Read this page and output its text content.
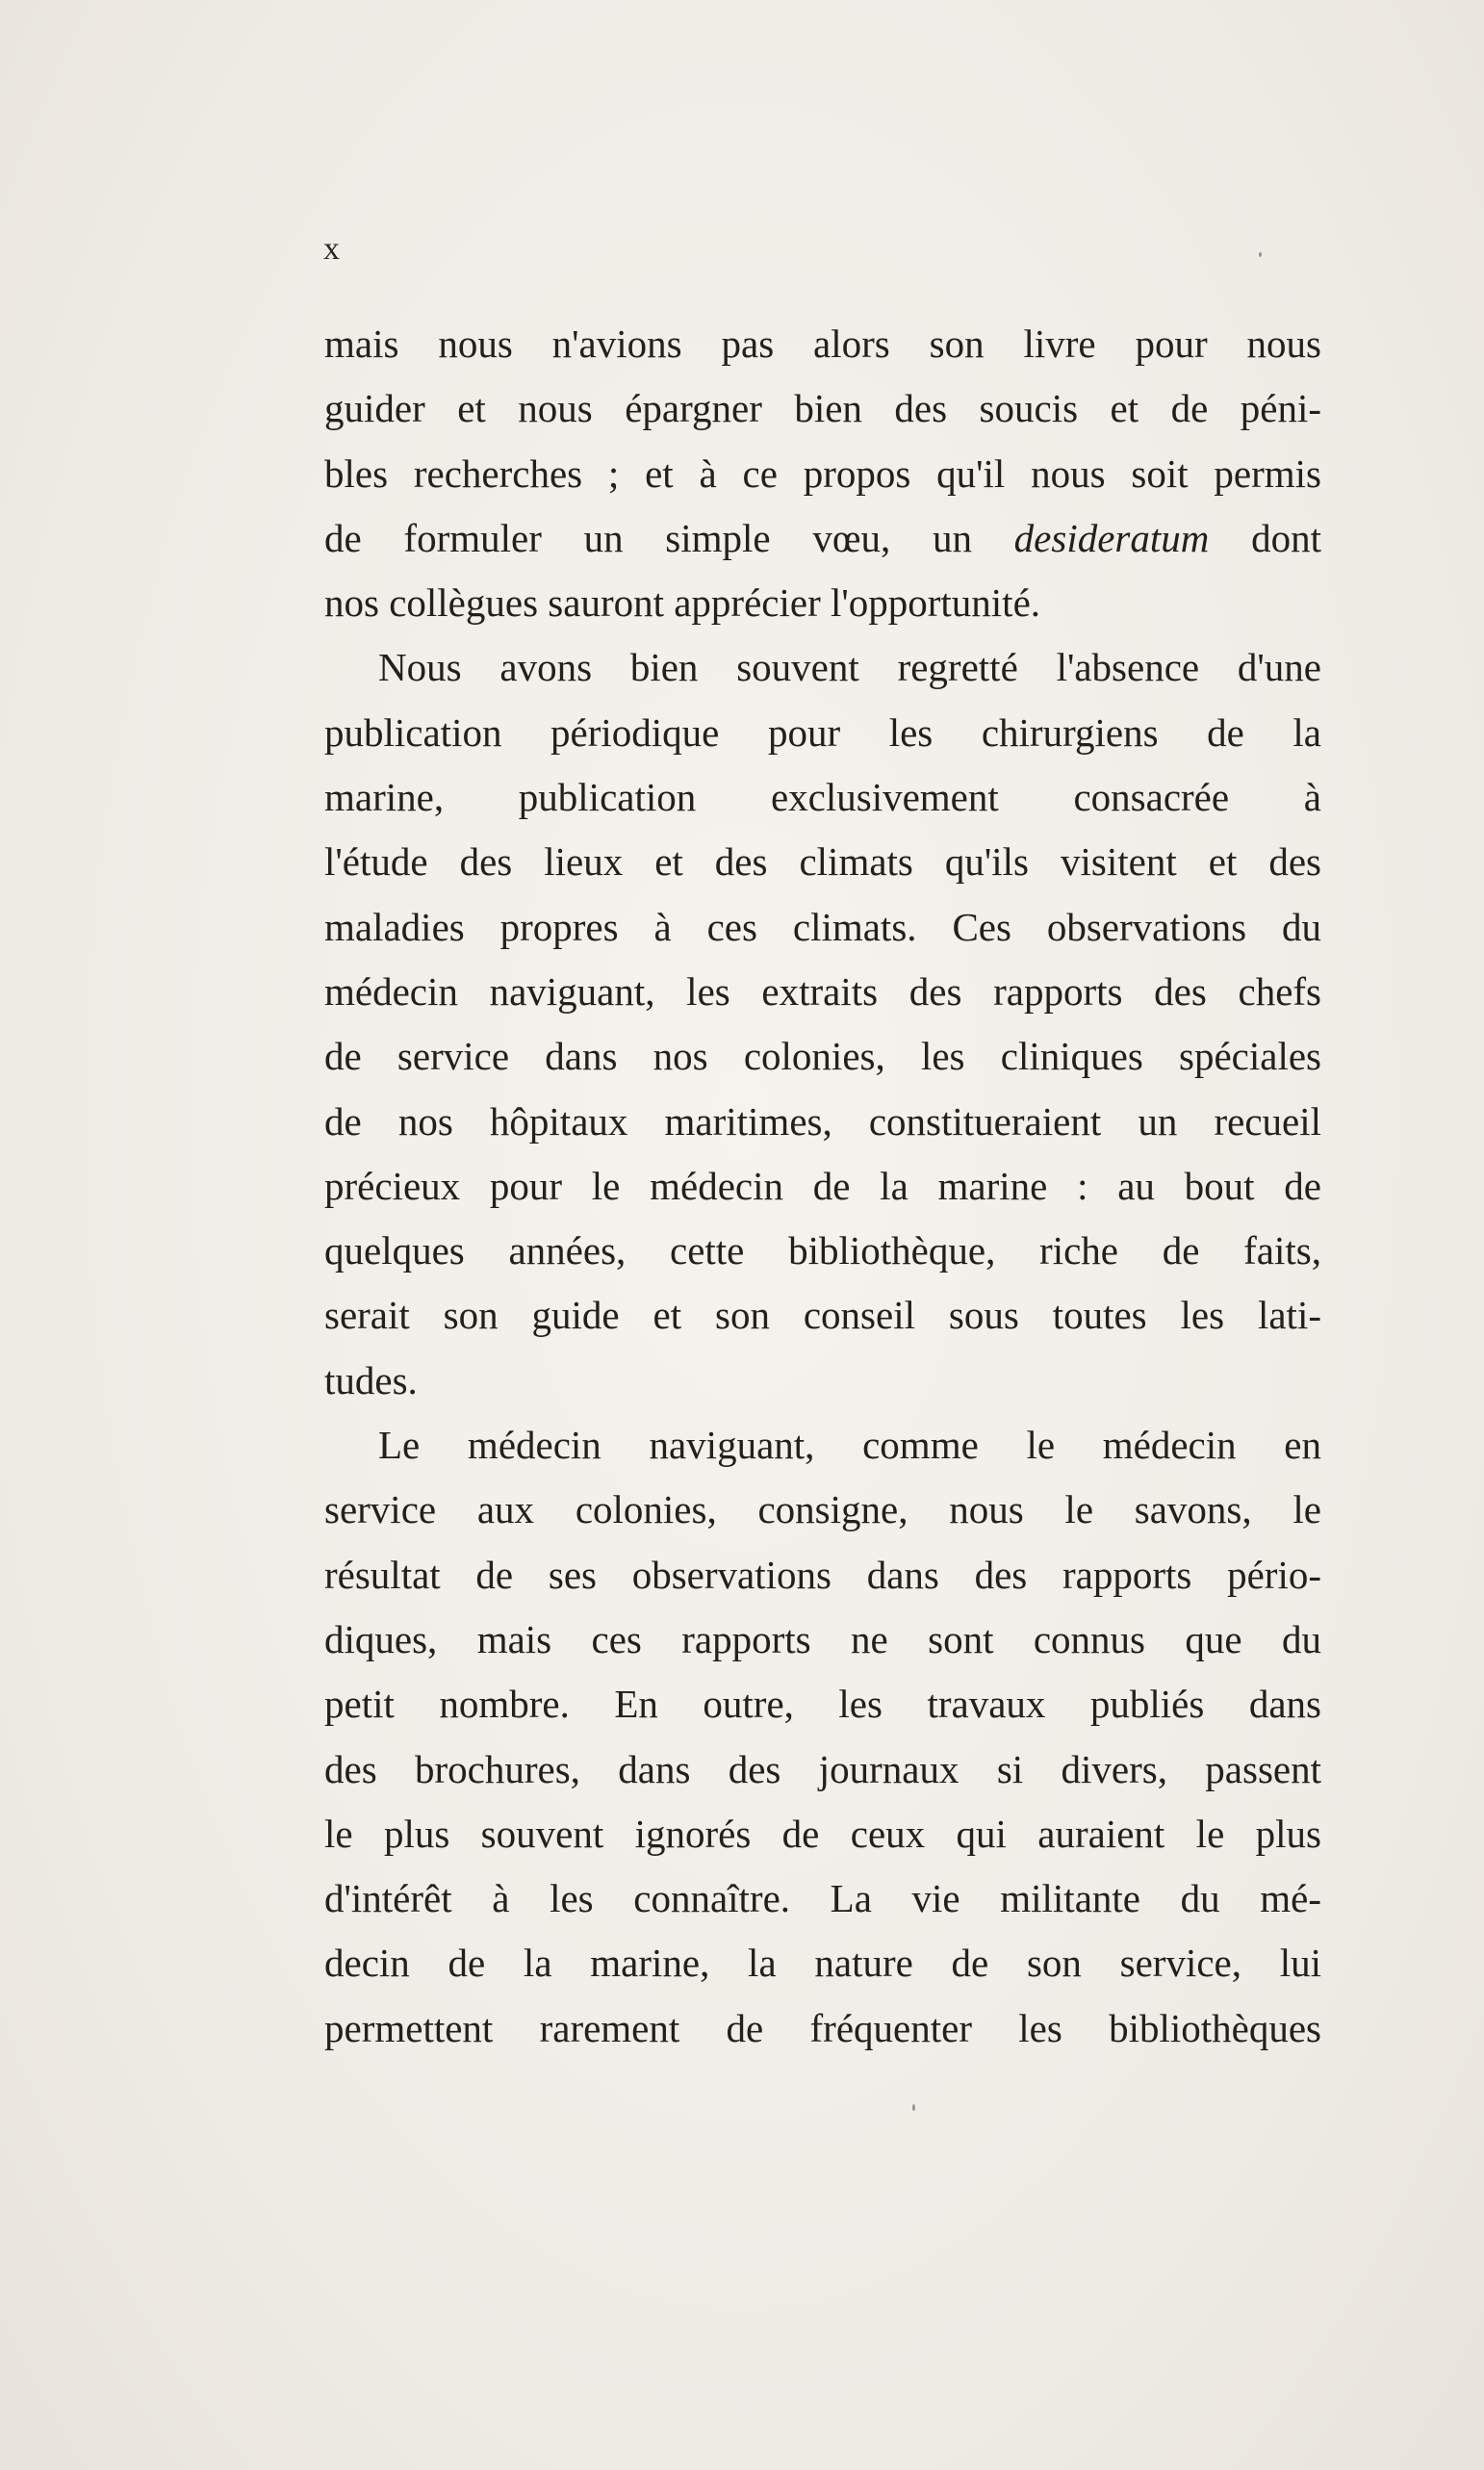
x
mais nous n'avions pas alors son livre pour nous
guider et nous épargner bien des soucis et de péni-
bles recherches ; et à ce propos qu'il nous soit permis
de formuler un simple vœu, un desideratum dont
nos collègues sauront apprécier l'opportunité.
Nous avons bien souvent regretté l'absence d'une
publication périodique pour les chirurgiens de la
marine, publication exclusivement consacrée à
l'étude des lieux et des climats qu'ils visitent et des
maladies propres à ces climats. Ces observations du
médecin naviguant, les extraits des rapports des chefs
de service dans nos colonies, les cliniques spéciales
de nos hôpitaux maritimes, constitueraient un recueil
précieux pour le médecin de la marine : au bout de
quelques années, cette bibliothèque, riche de faits,
serait son guide et son conseil sous toutes les lati-
tudes.
Le médecin naviguant, comme le médecin en
service aux colonies, consigne, nous le savons, le
résultat de ses observations dans des rapports pério-
diques, mais ces rapports ne sont connus que du
petit nombre. En outre, les travaux publiés dans
des brochures, dans des journaux si divers, passent
le plus souvent ignorés de ceux qui auraient le plus
d'intérêt à les connaître. La vie militante du mé-
decin de la marine, la nature de son service, lui
permettent rarement de fréquenter les bibliothèques
